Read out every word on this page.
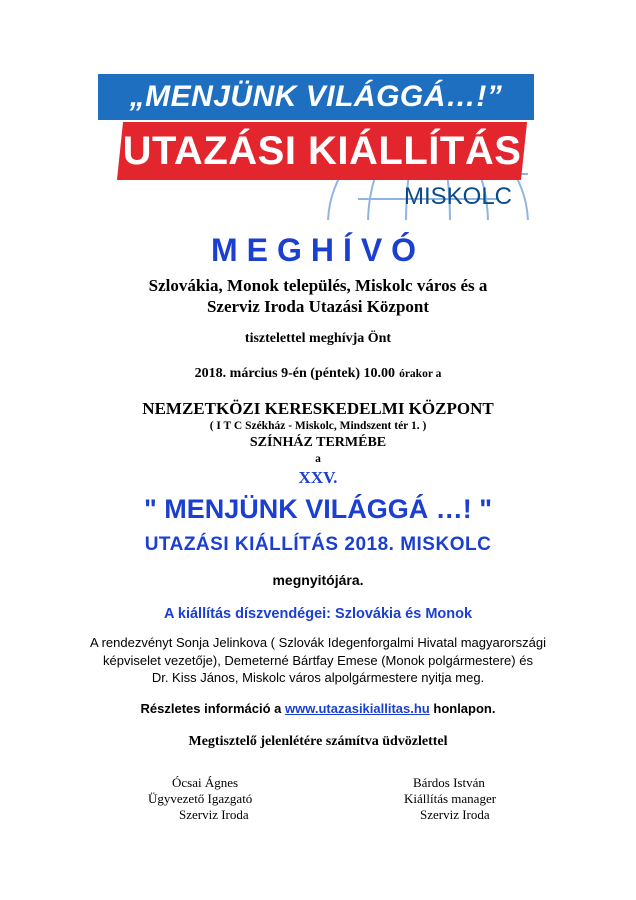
„MENJÜNK VILÁGGÁ…!”
UTAZÁSI KIÁLLÍTÁS
MISKOLC
MEGHÍVÓ
Szlovákia, Monok település, Miskolc város és a
Szerviz Iroda Utazási Központ
tisztelettel meghívja Önt
2018. március 9-én (péntek) 10.00 órakor a
NEMZETKÖZI KERESKEDELMI KÖZPONT
( I T C Székház - Miskolc, Mindszent tér 1. )
SZÍNHÁZ TERMÉBE
a
XXV.
" MENJÜNK VILÁGGÁ …! "
UTAZÁSI KIÁLLÍTÁS 2018. MISKOLC
megnyitójára.
A kiállítás díszvendégei: Szlovákia és Monok
A rendezvényt Sonja Jelinkova ( Szlovák Idegenforgalmi Hivatal magyarországi
képviselet vezetője), Demeterné Bártfay Emese (Monok polgármestere) és
Dr. Kiss János, Miskolc város alpolgármestere nyitja meg.
Részletes információ a www.utazasikiallitas.hu honlapon.
Megtisztelő jelenlétére számítva üdvözlettel
Ócsai Ágnes
Ügyvezető Igazgató
Szerviz Iroda
Bárdos István
Kiállítás manager
Szerviz Iroda
